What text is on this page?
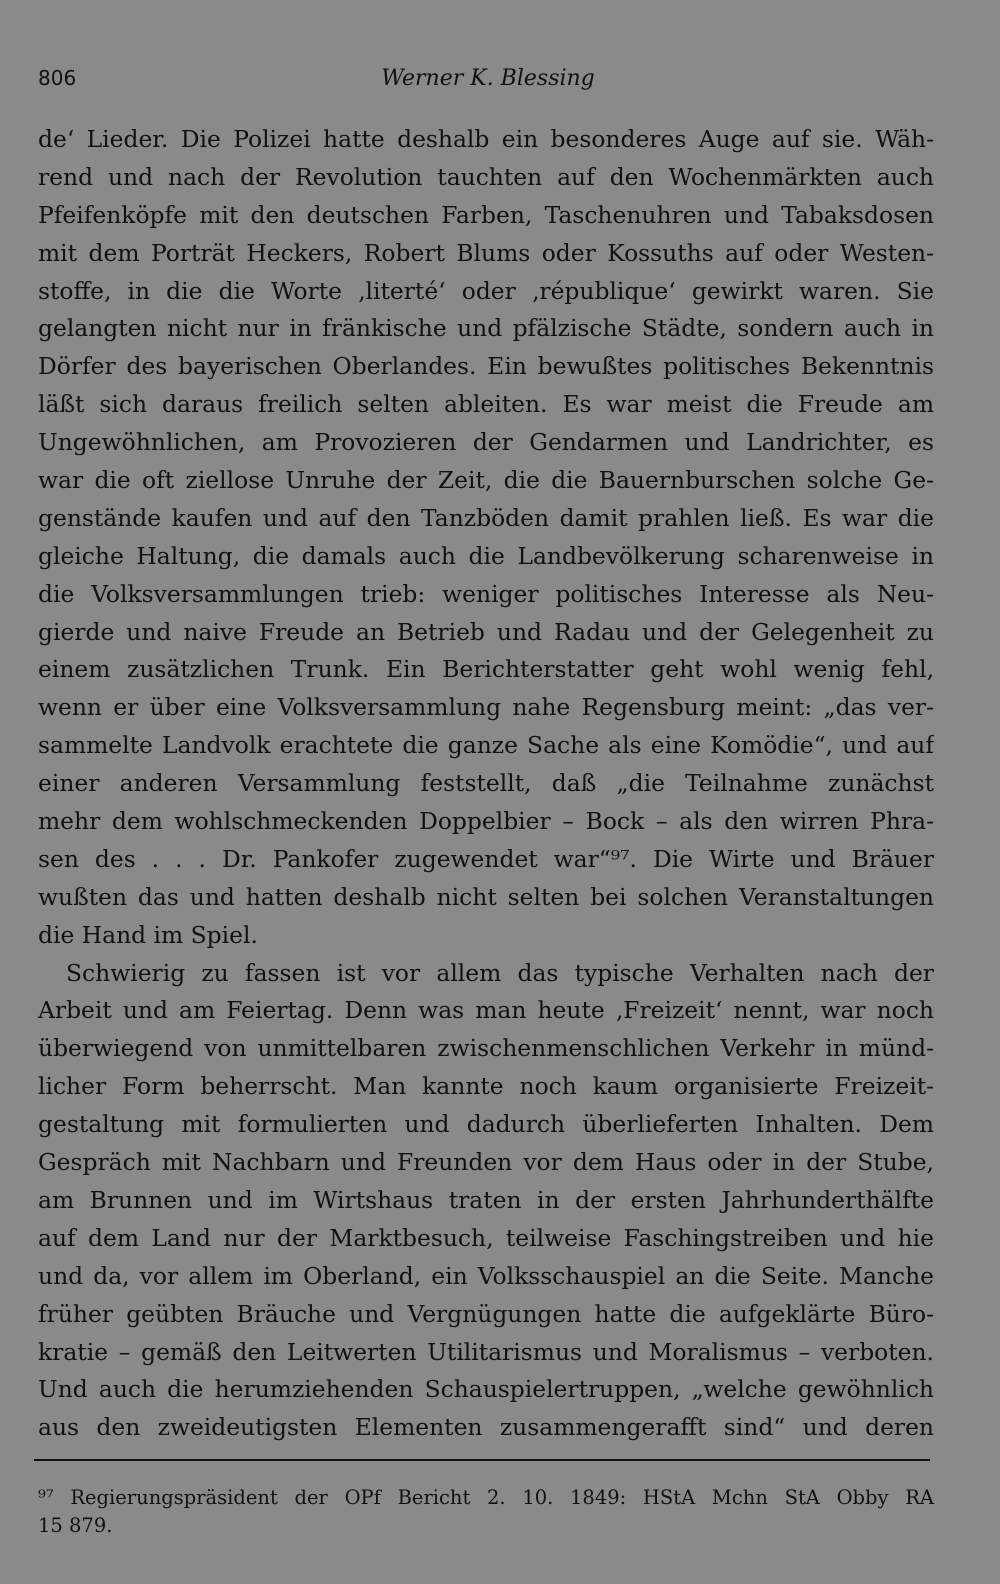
806	Werner K. Blessing
de‘ Lieder. Die Polizei hatte deshalb ein besonderes Auge auf sie. Wäh-
rend und nach der Revolution tauchten auf den Wochenmärkten auch
Pfeifenköpfe mit den deutschen Farben, Taschenuhren und Tabaksdosen
mit dem Porträt Heckers, Robert Blums oder Kossuths auf oder Westen-
stoffe, in die die Worte ‚literté‘ oder ‚république‘ gewirkt waren. Sie
gelangten nicht nur in fränkische und pfälzische Städte, sondern auch in
Dörfer des bayerischen Oberlandes. Ein bewußtes politisches Bekenntnis
läßt sich daraus freilich selten ableiten. Es war meist die Freude am
Ungewöhnlichen, am Provozieren der Gendarmen und Landrichter, es
war die oft ziellose Unruhe der Zeit, die die Bauernburschen solche Ge-
genstände kaufen und auf den Tanzböden damit prahlen ließ. Es war die
gleiche Haltung, die damals auch die Landbevölkerung scharenweise in
die Volksversammlungen trieb: weniger politisches Interesse als Neu-
gierde und naive Freude an Betrieb und Radau und der Gelegenheit zu
einem zusätzlichen Trunk. Ein Berichterstatter geht wohl wenig fehl,
wenn er über eine Volksversammlung nahe Regensburg meint: „das ver-
sammelte Landvolk erachtete die ganze Sache als eine Komödie“, und auf
einer anderen Versammlung feststellt, daß „die Teilnahme zunächst
mehr dem wohlschmeckenden Doppelbier – Bock – als den wirren Phra-
sen des . . . Dr. Pankofer zugewendet war“⁹⁷. Die Wirte und Bräuer
wußten das und hatten deshalb nicht selten bei solchen Veranstaltungen
die Hand im Spiel.
Schwierig zu fassen ist vor allem das typische Verhalten nach der
Arbeit und am Feiertag. Denn was man heute ‚Freizeit‘ nennt, war noch
überwiegend von unmittelbaren zwischenmenschlichen Verkehr in münd-
licher Form beherrscht. Man kannte noch kaum organisierte Freizeit-
gestaltung mit formulierten und dadurch überlieferten Inhalten. Dem
Gespräch mit Nachbarn und Freunden vor dem Haus oder in der Stube,
am Brunnen und im Wirtshaus traten in der ersten Jahrhunderthälfte
auf dem Land nur der Marktbesuch, teilweise Faschingstreiben und hie
und da, vor allem im Oberland, ein Volksschauspiel an die Seite. Manche
früher geübten Bräuche und Vergnügungen hatte die aufgeklärte Büro-
kratie – gemäß den Leitwerten Utilitarismus und Moralismus – verboten.
Und auch die herumziehenden Schauspielertruppen, „welche gewöhnlich
aus den zweideutigsten Elementen zusammengerafft sind“ und deren
⁹⁷ Regierungspräsident der OPf Bericht 2. 10. 1849: HStA Mchn StA Obby RA
15 879.
